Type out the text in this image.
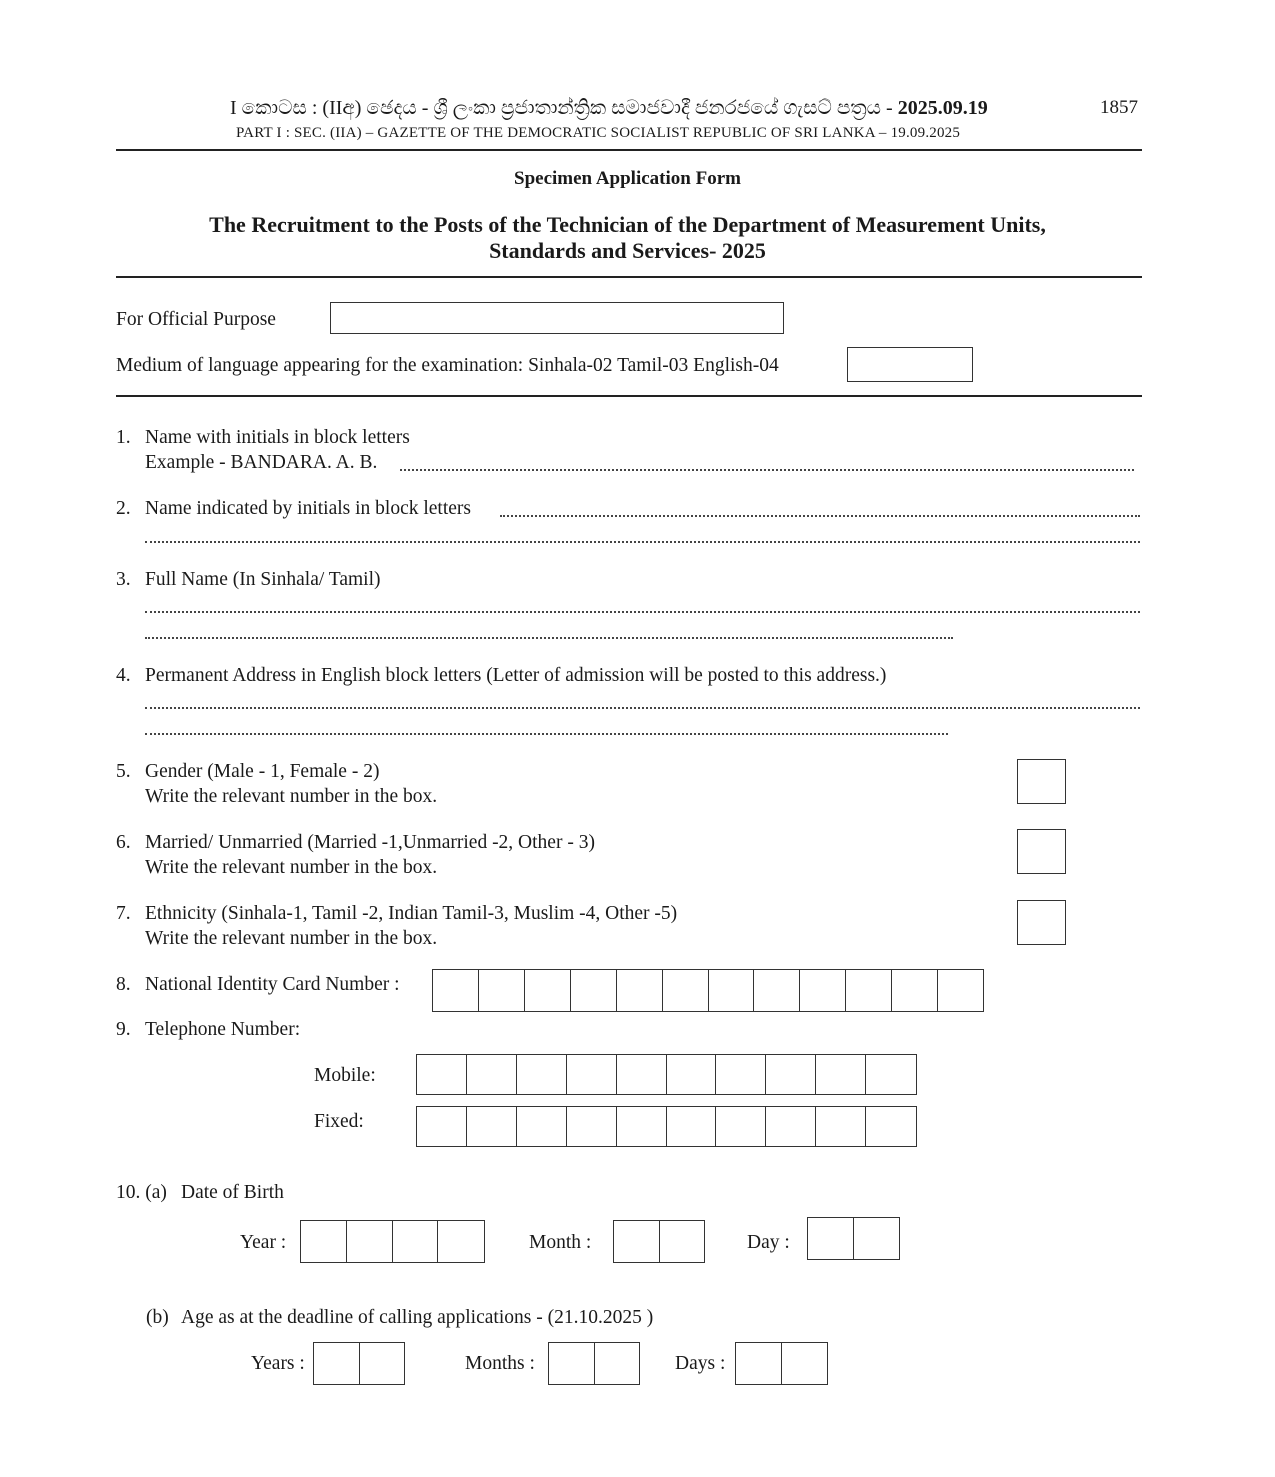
I කොටස : (IIඅ) ඡෙදය - ශ්‍රී ලංකා ප්‍රජාතාන්ත්‍රික සමාජවාදී ජනරජයේ ගැසට් පත්‍රය - 2025.09.19
PART I : SEC. (IIA) – GAZETTE OF THE DEMOCRATIC SOCIALIST REPUBLIC OF SRI LANKA – 19.09.2025
1857
Specimen Application Form
The Recruitment to the Posts of the Technician of the Department of Measurement Units,
Standards and Services- 2025
For Official Purpose
Medium of language appearing for the examination: Sinhala-02 Tamil-03 English-04
1. Name with initials in block letters
Example - BANDARA. A. B.
2. Name indicated by initials in block letters
3. Full Name (In Sinhala/ Tamil)
4. Permanent Address in English block letters (Letter of admission will be posted to this address.)
5. Gender (Male - 1, Female - 2)
Write the relevant number in the box.
6. Married/ Unmarried (Married -1,Unmarried -2, Other - 3)
Write the relevant number in the box.
7. Ethnicity (Sinhala-1, Tamil -2, Indian Tamil-3, Muslim -4, Other -5)
Write the relevant number in the box.
8. National Identity Card Number :
9. Telephone Number:
Mobile:
Fixed:
10. (a) Date of Birth
Year :	Month :	Day :
(b) Age as at the deadline of calling applications - (21.10.2025 )
Years :	Months :	Days :
